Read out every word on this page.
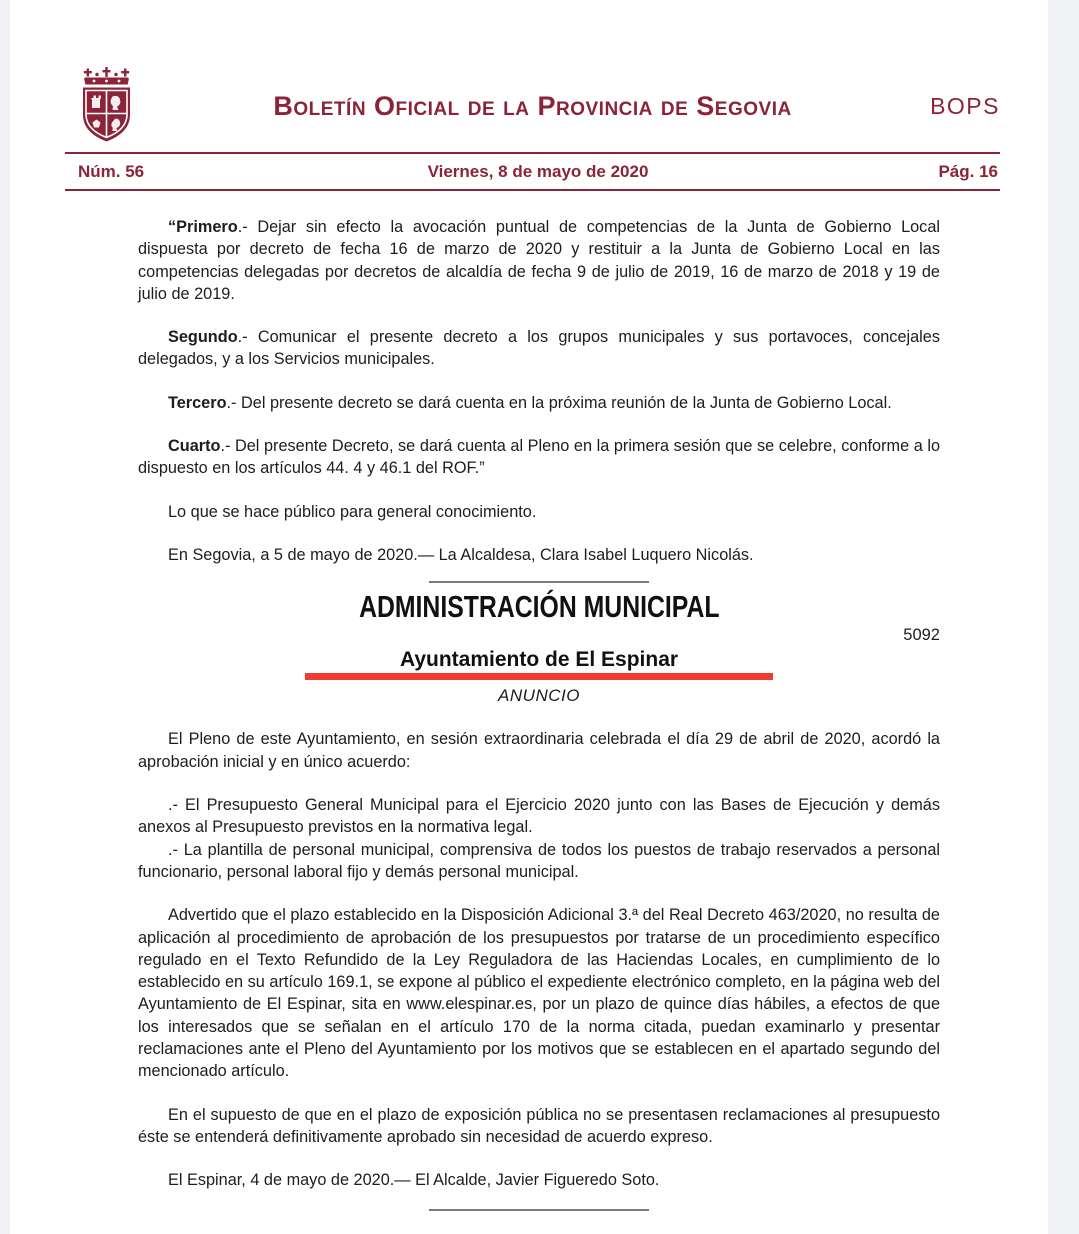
Boletín Oficial de la Provincia de Segovia	BOPS
Núm. 56	Viernes, 8 de mayo de 2020	Pág. 16

“Primero.- Dejar sin efecto la avocación puntual de competencias de la Junta de Gobierno Local dispuesta por decreto de fecha 16 de marzo de 2020 y restituir a la Junta de Gobierno Local en las competencias delegadas por decretos de alcaldía de fecha 9 de julio de 2019, 16 de marzo de 2018 y 19 de julio de 2019.

Segundo.- Comunicar el presente decreto a los grupos municipales y sus portavoces, concejales delegados, y a los Servicios municipales.

Tercero.- Del presente decreto se dará cuenta en la próxima reunión de la Junta de Gobierno Local.

Cuarto.- Del presente Decreto, se dará cuenta al Pleno en la primera sesión que se celebre, conforme a lo dispuesto en los artículos 44. 4 y 46.1 del ROF.”

Lo que se hace público para general conocimiento.

En Segovia, a 5 de mayo de 2020.— La Alcaldesa, Clara Isabel Luquero Nicolás.

ADMINISTRACIÓN MUNICIPAL
5092
Ayuntamiento de El Espinar
ANUNCIO

El Pleno de este Ayuntamiento, en sesión extraordinaria celebrada el día 29 de abril de 2020, acordó la aprobación inicial y en único acuerdo:

.- El Presupuesto General Municipal para el Ejercicio 2020 junto con las Bases de Ejecución y demás anexos al Presupuesto previstos en la normativa legal.

.- La plantilla de personal municipal, comprensiva de todos los puestos de trabajo reservados a personal funcionario, personal laboral fijo y demás personal municipal.

Advertido que el plazo establecido en la Disposición Adicional 3.ª del Real Decreto 463/2020, no resulta de aplicación al procedimiento de aprobación de los presupuestos por tratarse de un procedimiento específico regulado en el Texto Refundido de la Ley Reguladora de las Haciendas Locales, en cumplimiento de lo establecido en su artículo 169.1, se expone al público el expediente electrónico completo, en la página web del Ayuntamiento de El Espinar, sita en www.elespinar.es, por un plazo de quince días hábiles, a efectos de que los interesados que se señalan en el artículo 170 de la norma citada, puedan examinarlo y presentar reclamaciones ante el Pleno del Ayuntamiento por los motivos que se establecen en el apartado segundo del mencionado artículo.

En el supuesto de que en el plazo de exposición pública no se presentasen reclamaciones al presupuesto éste se entenderá definitivamente aprobado sin necesidad de acuerdo expreso.

El Espinar, 4 de mayo de 2020.— El Alcalde, Javier Figueredo Soto.
